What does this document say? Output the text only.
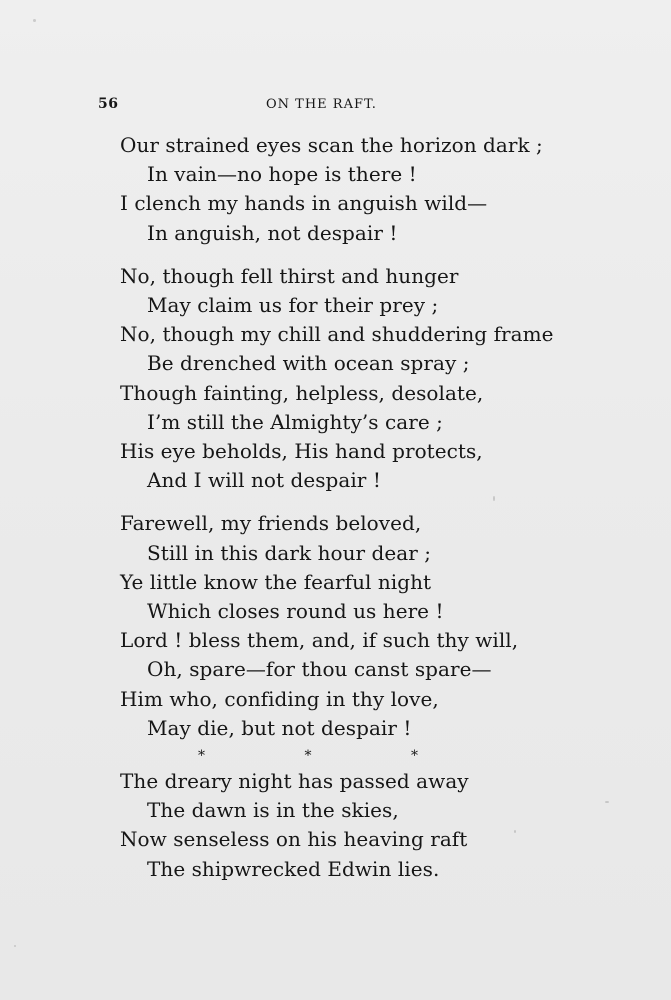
56	ON THE RAFT.
Our strained eyes scan the horizon dark ;
In vain—no hope is there !
I clench my hands in anguish wild—
In anguish, not despair !
No, though fell thirst and hunger
May claim us for their prey ;
No, though my chill and shuddering frame
Be drenched with ocean spray ;
Though fainting, helpless, desolate,
I’m still the Almighty’s care ;
His eye beholds, His hand protects,
And I will not despair !
Farewell, my friends beloved,
Still in this dark hour dear ;
Ye little know the fearful night
Which closes round us here !
Lord ! bless them, and, if such thy will,
Oh, spare—for thou canst spare—
Him who, confiding in thy love,
May die, but not despair !
*	*	*
The dreary night has passed away
The dawn is in the skies,
Now senseless on his heaving raft
The shipwrecked Edwin lies.
